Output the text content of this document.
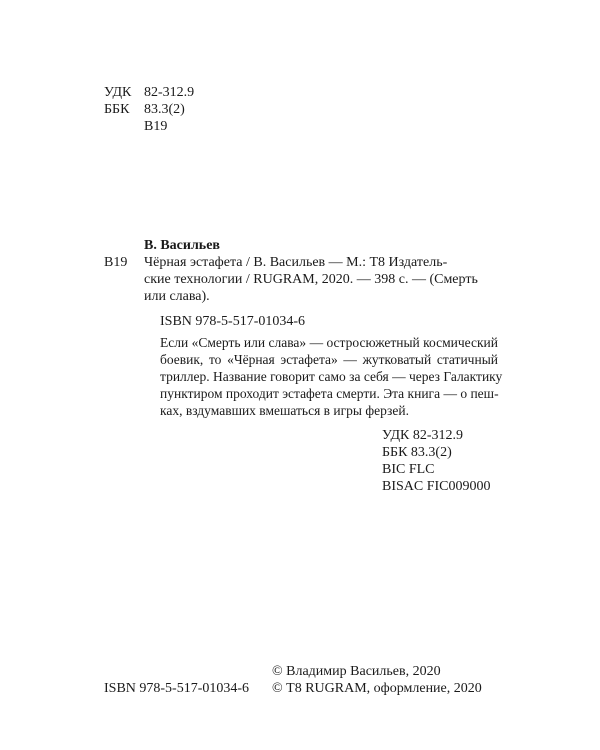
УДК 82-312.9
ББК 83.3(2)
В19
В. Васильев
В19 Чёрная эстафета / В. Васильев — М.: Т8 Издатель-
ские технологии / RUGRAM, 2020. — 398 с. — (Смерть
или слава).
ISBN 978-5-517-01034-6
Если «Смерть или слава» — остросюжетный космический
боевик, то «Чёрная эстафета» — жутковатый статичный
триллер. Название говорит само за себя — через Галактику
пунктиром проходит эстафета смерти. Эта книга — о пеш-
ках, вздумавших вмешаться в игры ферзей.
УДК 82-312.9
ББК 83.3(2)
BIC FLC
BISAC FIC009000
ISBN 978-5-517-01034-6
© Владимир Васильев, 2020
© Т8 RUGRAM, оформление, 2020
